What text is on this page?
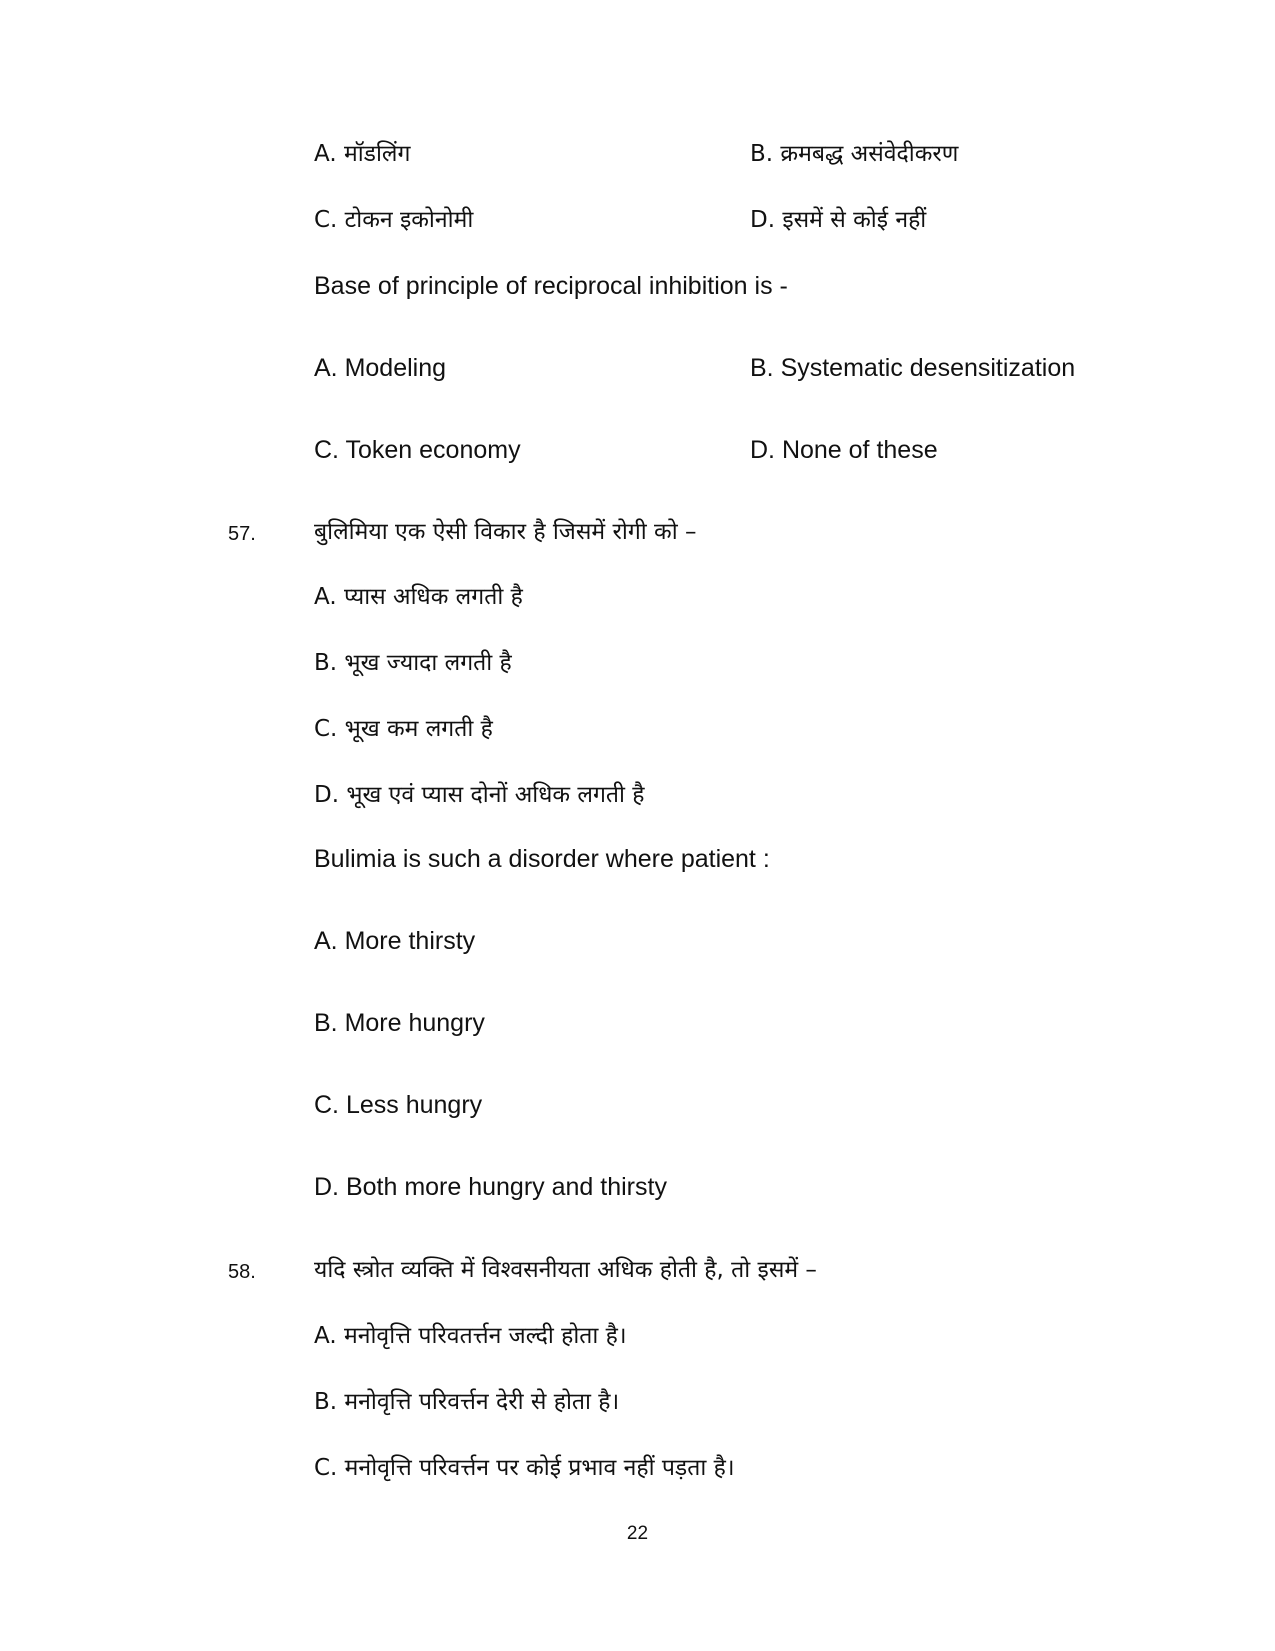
A. मॉडलिंग	B. क्रमबद्ध असंवेदीकरण
C. टोकन इकोनोमी	D. इसमें से कोई नहीं
Base of principle of reciprocal inhibition is -
A. Modeling	B. Systematic desensitization
C. Token economy	D. None of these
57.	बुलिमिया एक ऐसी विकार है जिसमें रोगी को –
A. प्यास अधिक लगती है
B. भूख ज्यादा लगती है
C. भूख कम लगती है
D. भूख एवं प्यास दोनों अधिक लगती है
Bulimia is such a disorder where patient :
A. More thirsty
B. More hungry
C. Less hungry
D. Both more hungry and thirsty
58.	यदि स्त्रोत व्यक्ति में विश्वसनीयता अधिक होती है, तो इसमें –
A. मनोवृत्ति परिवतर्त्तन जल्दी होता है।
B. मनोवृत्ति परिवर्त्तन देरी से होता है।
C. मनोवृत्ति परिवर्त्तन पर कोई प्रभाव नहीं पड़ता है।
22
